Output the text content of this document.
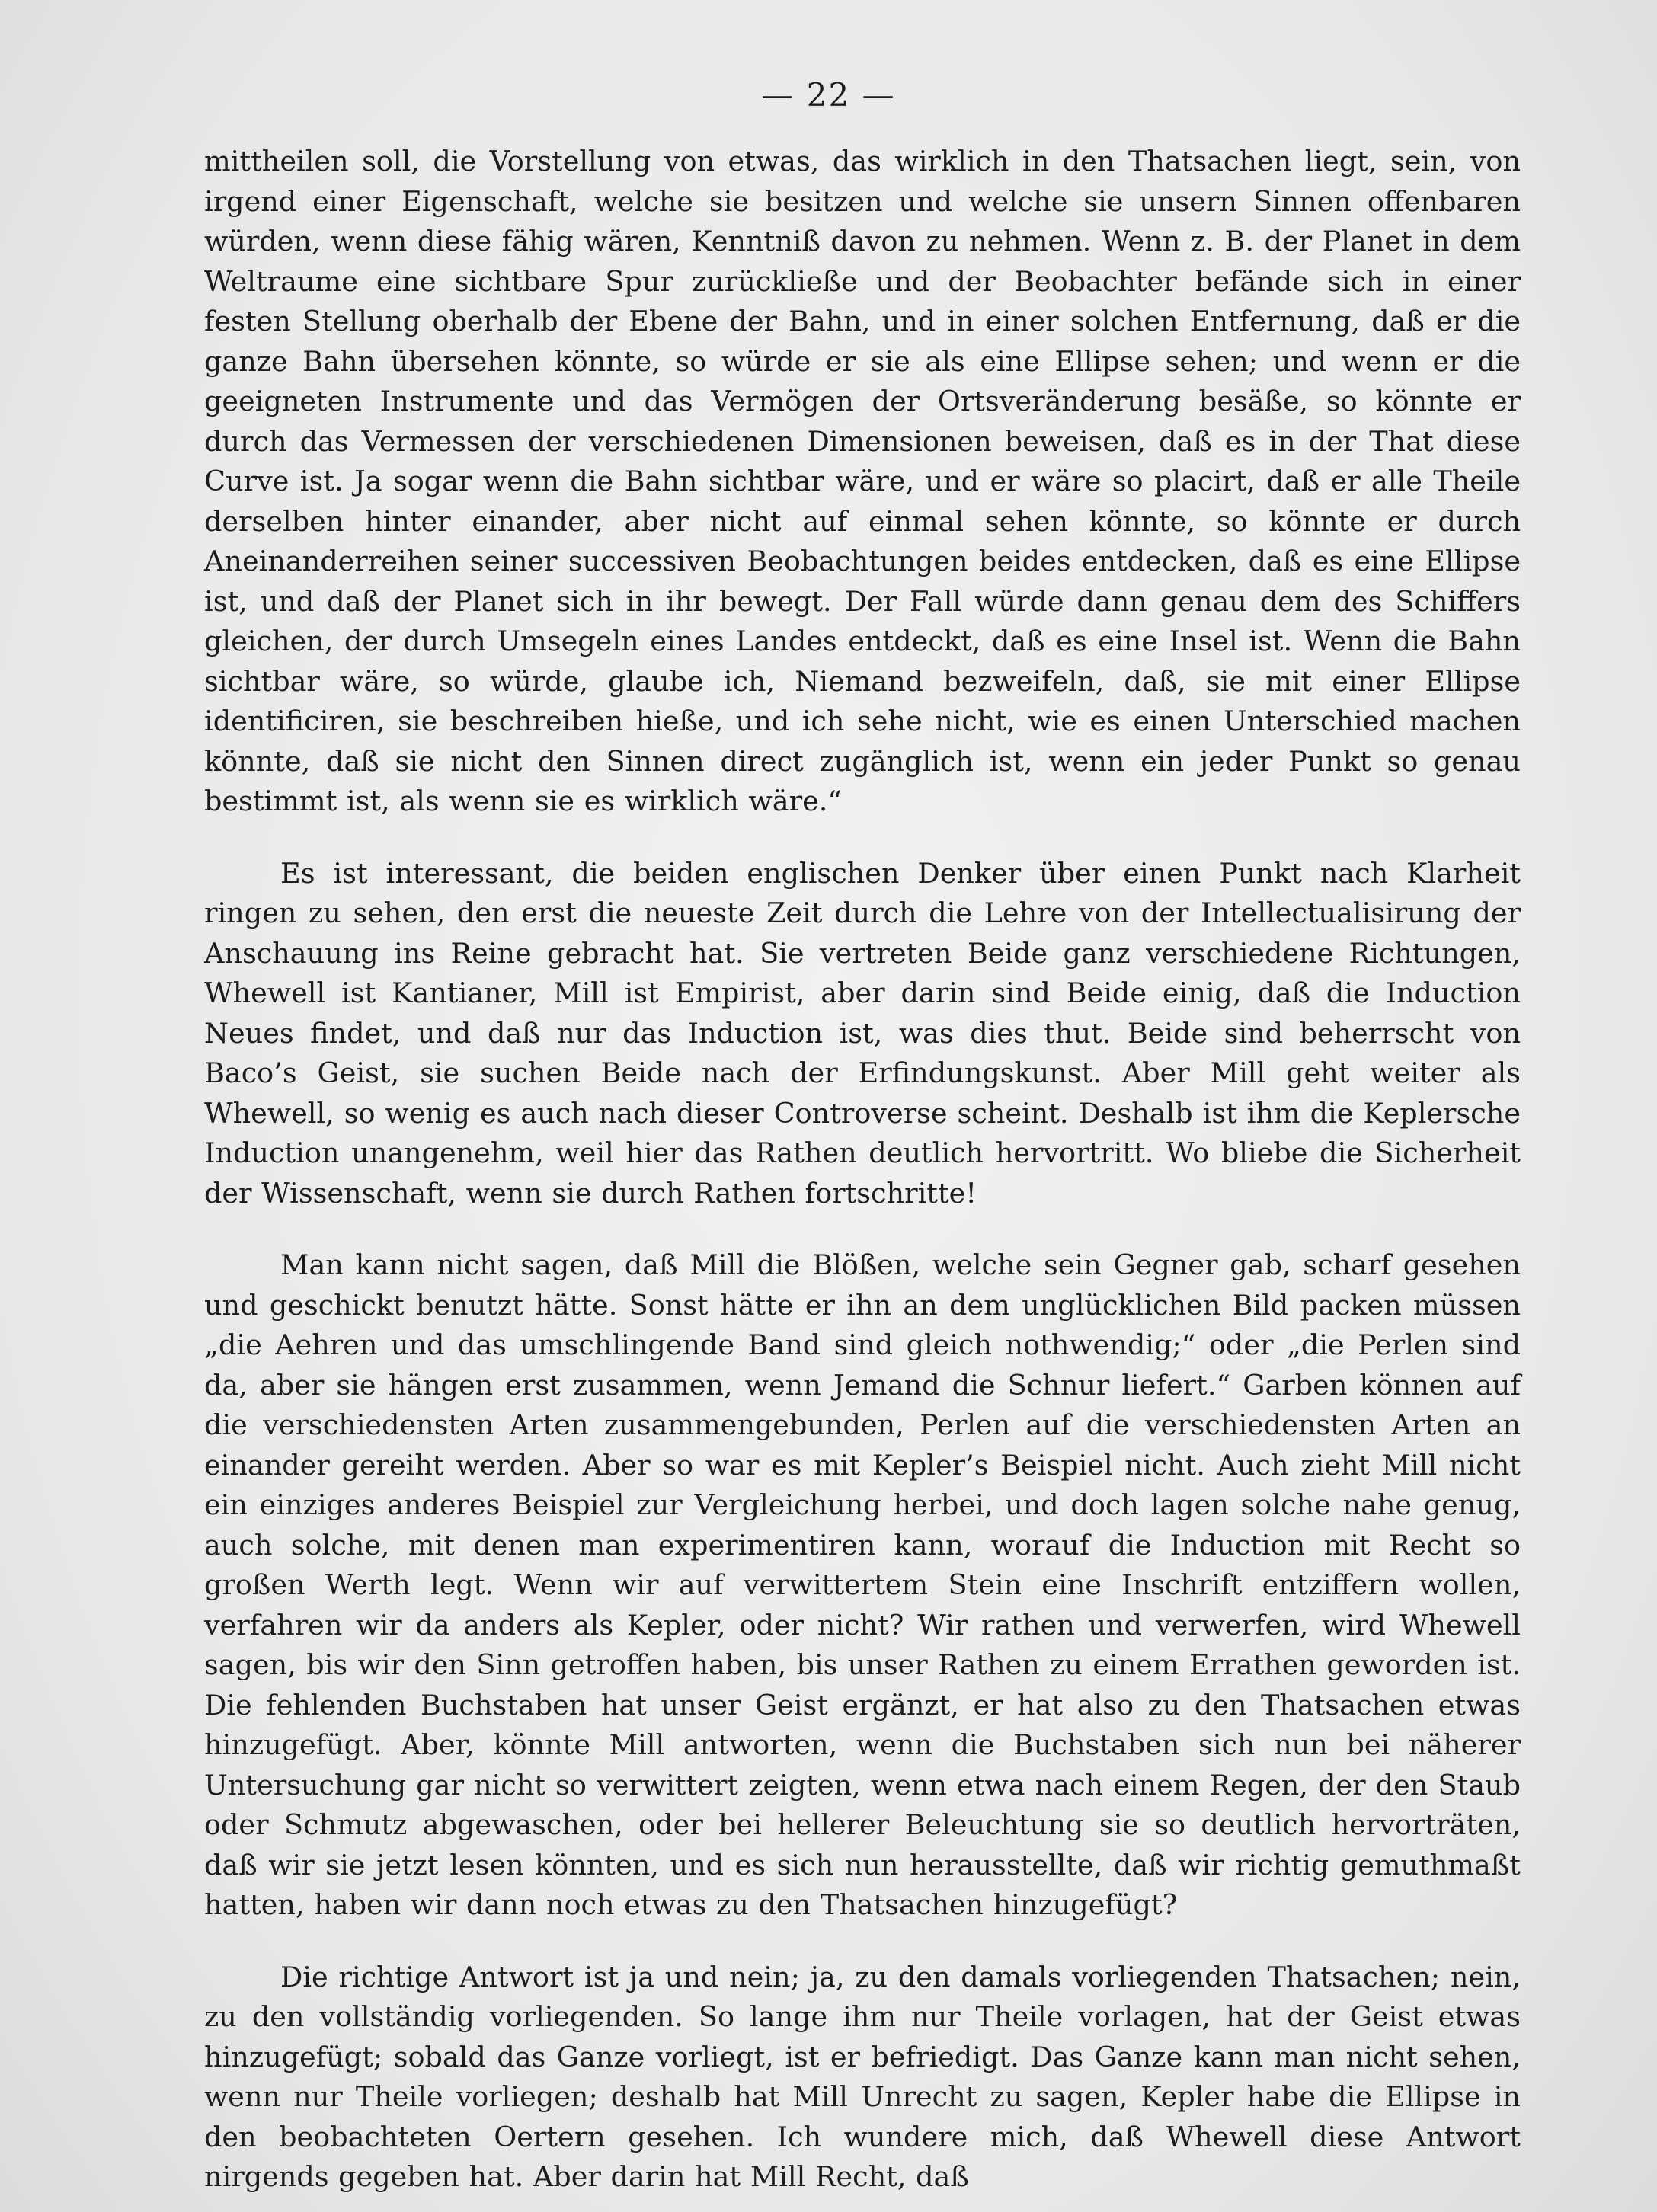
— 22 —

mittheilen soll, die Vorstellung von etwas, das wirklich in den Thatsachen liegt, sein, von irgend einer Eigenschaft, welche sie besitzen und welche sie unsern Sinnen offenbaren würden, wenn diese fähig wären, Kenntniß davon zu nehmen. Wenn z. B. der Planet in dem Weltraume eine sichtbare Spur zurückließe und der Beobachter befände sich in einer festen Stellung oberhalb der Ebene der Bahn, und in einer solchen Entfernung, daß er die ganze Bahn übersehen könnte, so würde er sie als eine Ellipse sehen; und wenn er die geeigneten Instrumente und das Vermögen der Ortsveränderung besäße, so könnte er durch das Vermessen der verschiedenen Dimensionen beweisen, daß es in der That diese Curve ist. Ja sogar wenn die Bahn sichtbar wäre, und er wäre so placirt, daß er alle Theile derselben hinter einander, aber nicht auf einmal sehen könnte, so könnte er durch Aneinanderreihen seiner successiven Beobachtungen beides entdecken, daß es eine Ellipse ist, und daß der Planet sich in ihr bewegt. Der Fall würde dann genau dem des Schiffers gleichen, der durch Umsegeln eines Landes entdeckt, daß es eine Insel ist. Wenn die Bahn sichtbar wäre, so würde, glaube ich, Niemand bezweifeln, daß, sie mit einer Ellipse identificiren, sie beschreiben hieße, und ich sehe nicht, wie es einen Unterschied machen könnte, daß sie nicht den Sinnen direct zugänglich ist, wenn ein jeder Punkt so genau bestimmt ist, als wenn sie es wirklich wäre.“

Es ist interessant, die beiden englischen Denker über einen Punkt nach Klarheit ringen zu sehen, den erst die neueste Zeit durch die Lehre von der Intellectualisirung der Anschauung ins Reine gebracht hat. Sie vertreten Beide ganz verschiedene Richtungen, Whewell ist Kantianer, Mill ist Empirist, aber darin sind Beide einig, daß die Induction Neues findet, und daß nur das Induction ist, was dies thut. Beide sind beherrscht von Baco’s Geist, sie suchen Beide nach der Erfindungskunst. Aber Mill geht weiter als Whewell, so wenig es auch nach dieser Controverse scheint. Deshalb ist ihm die Keplersche Induction unangenehm, weil hier das Rathen deutlich hervortritt. Wo bliebe die Sicherheit der Wissenschaft, wenn sie durch Rathen fortschritte!

Man kann nicht sagen, daß Mill die Blößen, welche sein Gegner gab, scharf gesehen und geschickt benutzt hätte. Sonst hätte er ihn an dem unglücklichen Bild packen müssen „die Aehren und das umschlingende Band sind gleich nothwendig;“ oder „die Perlen sind da, aber sie hängen erst zusammen, wenn Jemand die Schnur liefert.“ Garben können auf die verschiedensten Arten zusammengebunden, Perlen auf die verschiedensten Arten an einander gereiht werden. Aber so war es mit Kepler’s Beispiel nicht. Auch zieht Mill nicht ein einziges anderes Beispiel zur Vergleichung herbei, und doch lagen solche nahe genug, auch solche, mit denen man experimentiren kann, worauf die Induction mit Recht so großen Werth legt. Wenn wir auf verwittertem Stein eine Inschrift entziffern wollen, verfahren wir da anders als Kepler, oder nicht? Wir rathen und verwerfen, wird Whewell sagen, bis wir den Sinn getroffen haben, bis unser Rathen zu einem Errathen geworden ist. Die fehlenden Buchstaben hat unser Geist ergänzt, er hat also zu den Thatsachen etwas hinzugefügt. Aber, könnte Mill antworten, wenn die Buchstaben sich nun bei näherer Untersuchung gar nicht so verwittert zeigten, wenn etwa nach einem Regen, der den Staub oder Schmutz abgewaschen, oder bei hellerer Beleuchtung sie so deutlich hervorträten, daß wir sie jetzt lesen könnten, und es sich nun herausstellte, daß wir richtig gemuthmaßt hatten, haben wir dann noch etwas zu den Thatsachen hinzugefügt?

Die richtige Antwort ist ja und nein; ja, zu den damals vorliegenden Thatsachen; nein, zu den vollständig vorliegenden. So lange ihm nur Theile vorlagen, hat der Geist etwas hinzugefügt; sobald das Ganze vorliegt, ist er befriedigt. Das Ganze kann man nicht sehen, wenn nur Theile vorliegen; deshalb hat Mill Unrecht zu sagen, Kepler habe die Ellipse in den beobachteten Oertern gesehen. Ich wundere mich, daß Whewell diese Antwort nirgends gegeben hat. Aber darin hat Mill Recht, daß
